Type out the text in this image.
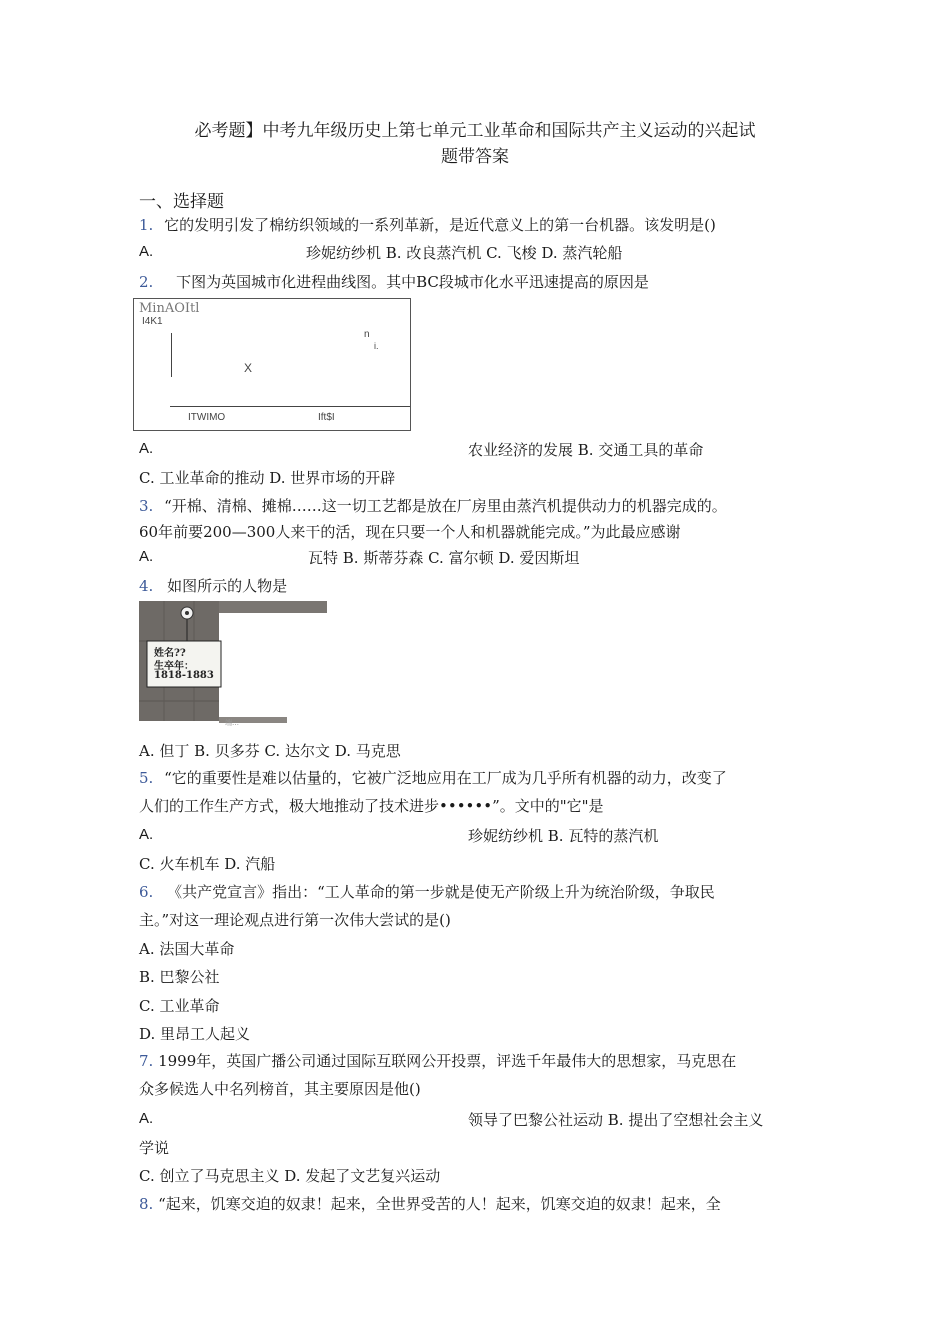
必考题】中考九年级历史上第七单元工业革命和国际共产主义运动的兴起试
题带答案
一、选择题
1. 它的发明引发了棉纺织领域的一系列革新，是近代意义上的第一台机器。该发明是()
A.	珍妮纺纱机 B. 改良蒸汽机 C. 飞梭 D. 蒸汽轮船
2. 下图为英国城市化进程曲线图。其中BC段城市化水平迅速提高的原因是
MinAOItl
I4K1
n
i.
X
ITWIMO	Ift$I
A.	农业经济的发展 B. 交通工具的革命
C. 工业革命的推动 D. 世界市场的开辟
3. “开棉、清棉、摊棉……这一切工艺都是放在厂房里由蒸汽机提供动力的机器完成的。
60年前要200—300人来干的活，现在只要一个人和机器就能完成。”为此最应感谢
A.	瓦特 B. 斯蒂芬森 C. 富尔顿 D. 爱因斯坦
4. 如图所示的人物是
姓名??
生卒年：
1818-1883
端…
A. 但丁 B. 贝多芬 C. 达尔文 D. 马克思
5. “它的重要性是难以估量的，它被广泛地应用在工厂成为几乎所有机器的动力，改变了
人们的工作生产方式，极大地推动了技术进步••••••”。文中的"它"是
A.	珍妮纺纱机 B. 瓦特的蒸汽机
C. 火车机车 D. 汽船
6. 《共产党宣言》指出：“工人革命的第一步就是使无产阶级上升为统治阶级，争取民
主。”对这一理论观点进行第一次伟大尝试的是()
A. 法国大革命
B. 巴黎公社
C. 工业革命
D. 里昂工人起义
7. 1999年，英国广播公司通过国际互联网公开投票，评选千年最伟大的思想家，马克思在
众多候选人中名列榜首，其主要原因是他()
A.	领导了巴黎公社运动 B. 提出了空想社会主义
学说
C. 创立了马克思主义 D. 发起了文艺复兴运动
8. “起来，饥寒交迫的奴隶！起来，全世界受苦的人！起来，饥寒交迫的奴隶！起来，全
